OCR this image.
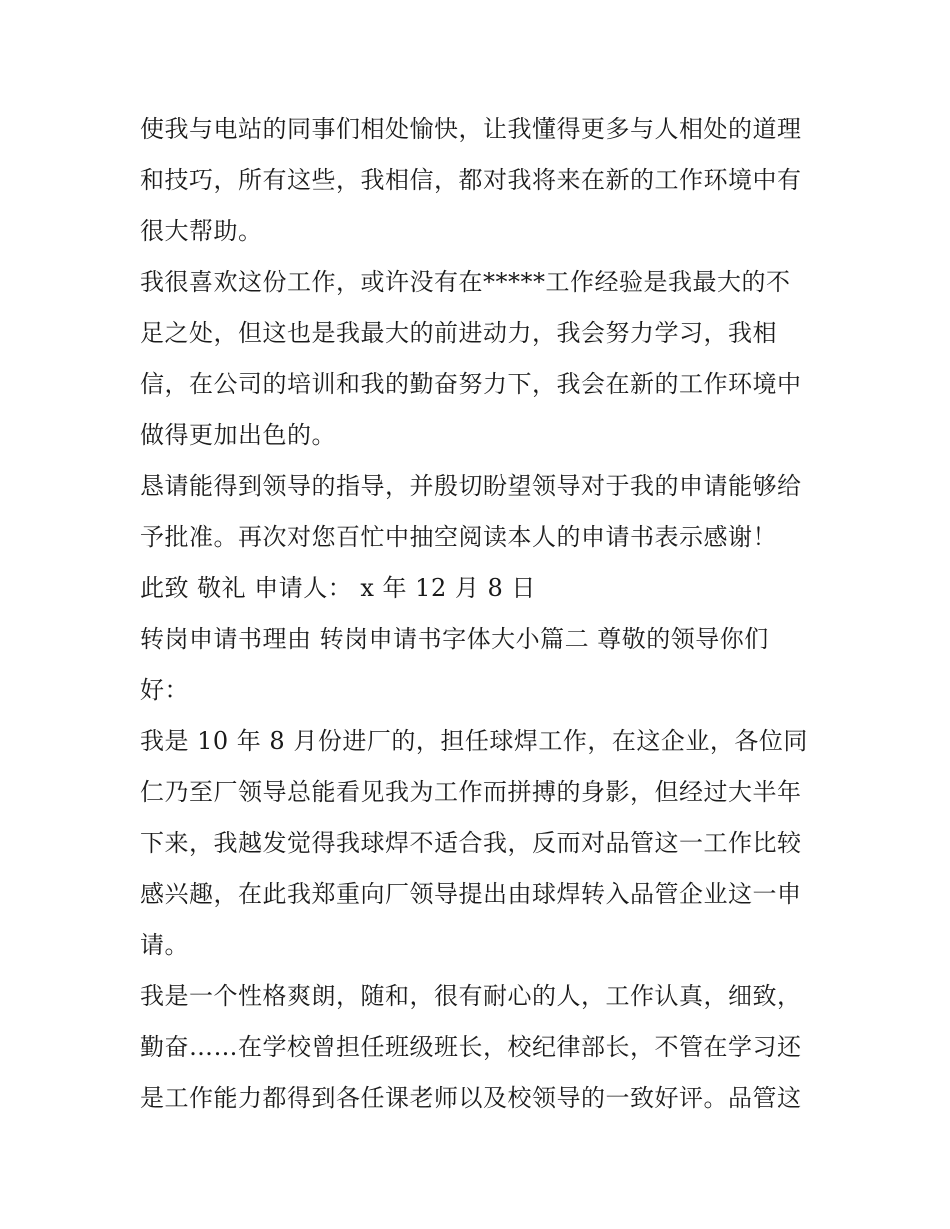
使我与电站的同事们相处愉快，让我懂得更多与人相处的道理
和技巧，所有这些，我相信，都对我将来在新的工作环境中有
很大帮助。
我很喜欢这份工作，或许没有在*****工作经验是我最大的不
足之处，但这也是我最大的前进动力，我会努力学习，我相
信，在公司的培训和我的勤奋努力下，我会在新的工作环境中
做得更加出色的。
恳请能得到领导的指导，并殷切盼望领导对于我的申请能够给
予批准。再次对您百忙中抽空阅读本人的申请书表示感谢！
此致 敬礼 申请人： x 年 12 月 8 日
转岗申请书理由 转岗申请书字体大小篇二 尊敬的领导你们
好：
我是 10 年 8 月份进厂的，担任球焊工作，在这企业，各位同
仁乃至厂领导总能看见我为工作而拼搏的身影，但经过大半年
下来，我越发觉得我球焊不适合我，反而对品管这一工作比较
感兴趣，在此我郑重向厂领导提出由球焊转入品管企业这一申
请。
我是一个性格爽朗，随和，很有耐心的人，工作认真，细致，
勤奋……在学校曾担任班级班长，校纪律部长，不管在学习还
是工作能力都得到各任课老师以及校领导的一致好评。品管这
